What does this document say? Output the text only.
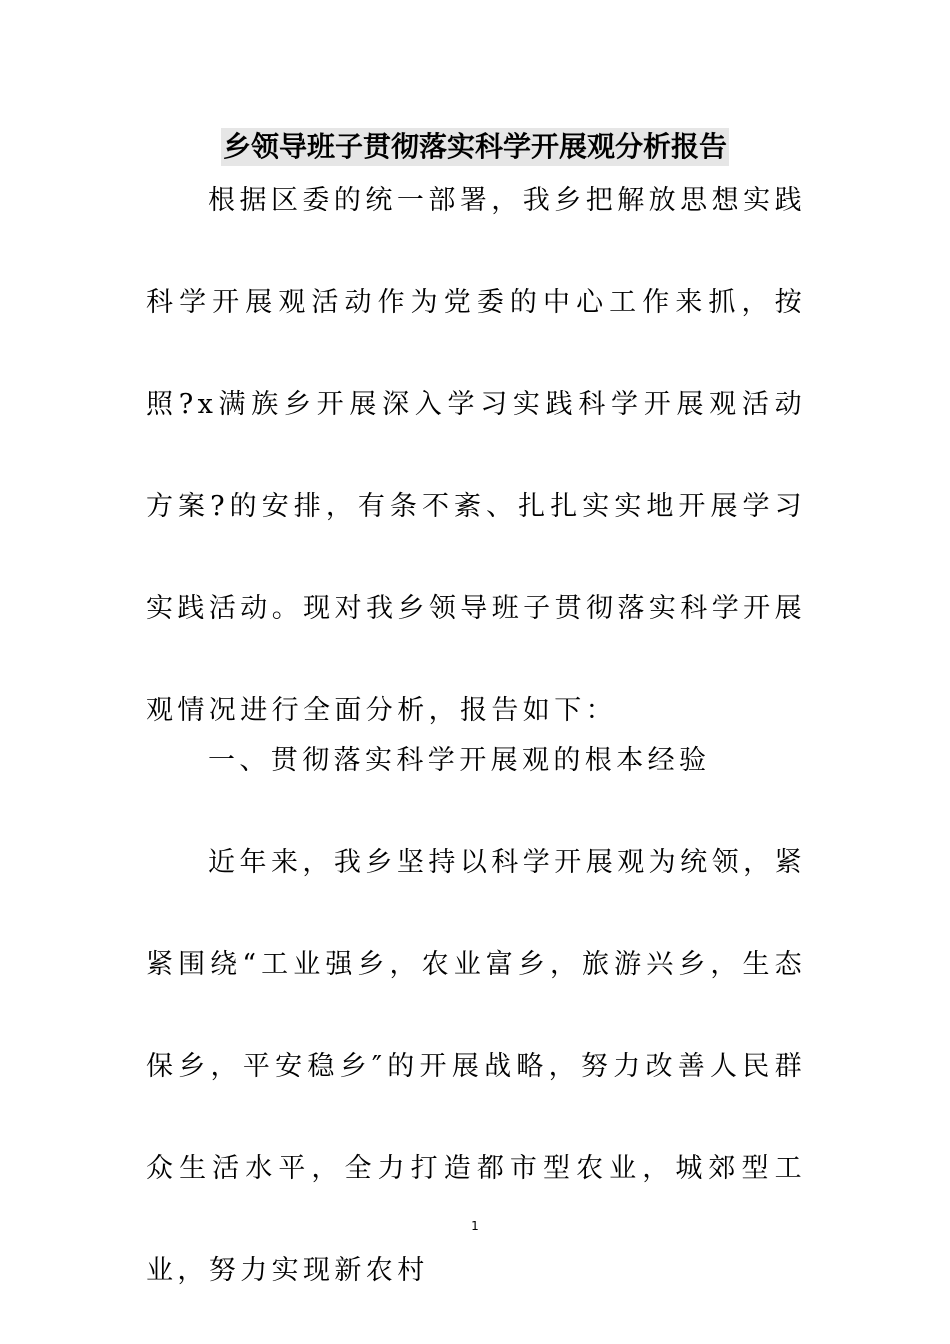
乡领导班子贯彻落实科学开展观分析报告
根据区委的统一部署，我乡把解放思想实践科学开展观活动作为党委的中心工作来抓，按照?x满族乡开展深入学习实践科学开展观活动方案?的安排，有条不紊、扎扎实实地开展学习实践活动。现对我乡领导班子贯彻落实科学开展观情况进行全面分析，报告如下：
一、贯彻落实科学开展观的根本经验
近年来，我乡坚持以科学开展观为统领，紧紧围绕“工业强乡，农业富乡，旅游兴乡，生态保乡，平安稳乡″的开展战略，努力改善人民群众生活水平，全力打造都市型农业，城郊型工业，努力实现新农村
1
